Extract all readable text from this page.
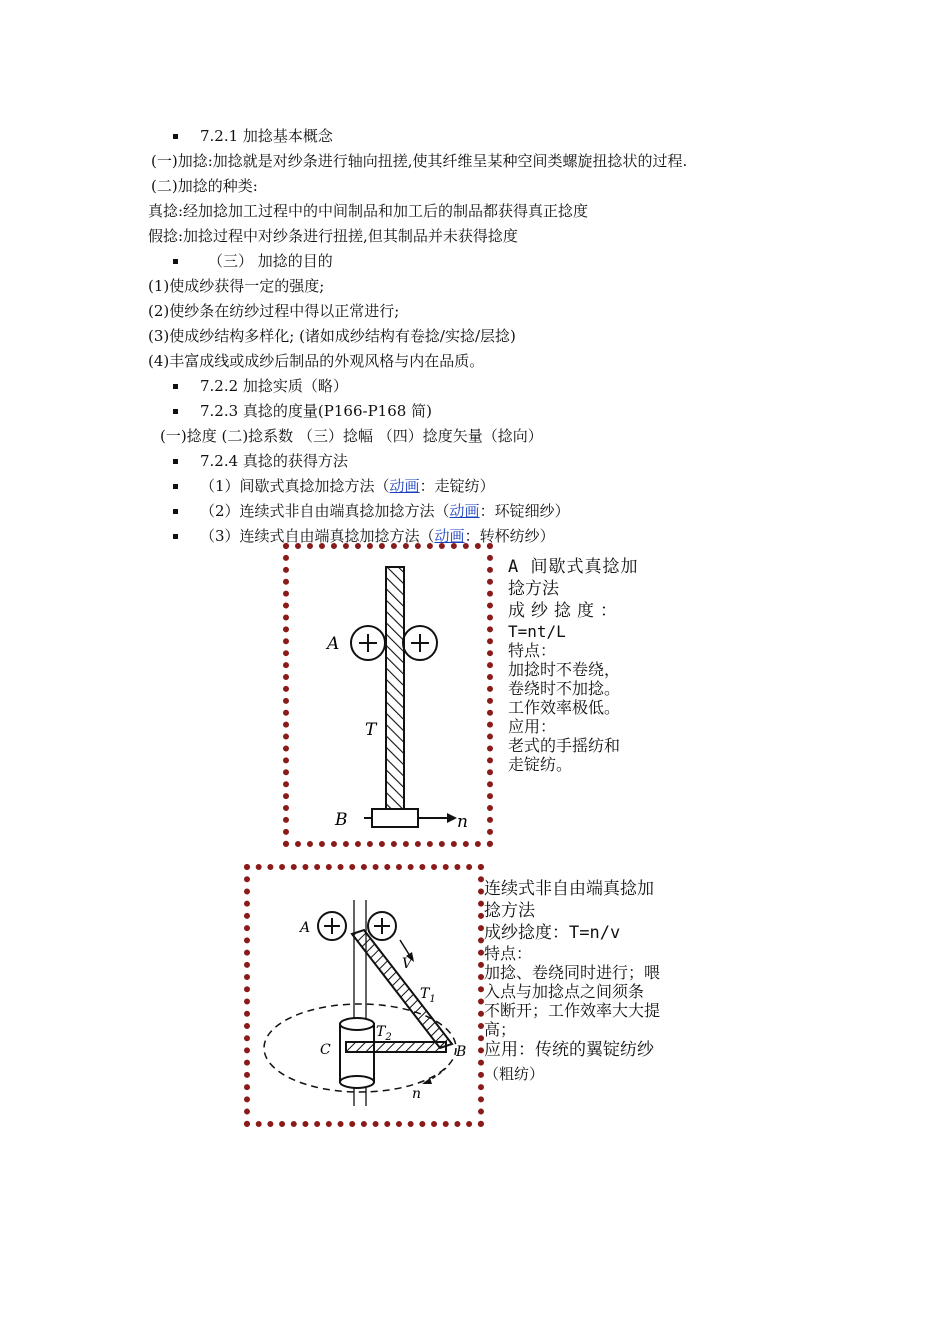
7.2.1 加捻基本概念
(一)加捻:加捻就是对纱条进行轴向扭搓,使其纤维呈某种空间类螺旋扭捻状的过程.
(二)加捻的种类:
真捻:经加捻加工过程中的中间制品和加工后的制品都获得真正捻度
假捻:加捻过程中对纱条进行扭搓,但其制品并未获得捻度
（三） 加捻的目的
(1)使成纱获得一定的强度;
(2)使纱条在纺纱过程中得以正常进行;
(3)使成纱结构多样化; (诸如成纱结构有卷捻/实捻/层捻)
(4)丰富成线或成纱后制品的外观风格与内在品质。
7.2.2 加捻实质（略）
7.2.3 真捻的度量(P166-P168 简)
(一)捻度 (二)捻系数 （三）捻幅 （四）捻度矢量（捻向）
7.2.4 真捻的获得方法
（1）间歇式真捻加捻方法（动画：走锭纺）
（2）连续式非自由端真捻加捻方法（动画：环锭细纱）
（3）连续式自由端真捻加捻方法（动画：转杯纺纱）
A
T
B	n
A 间歇式真捻加
捻方法
成纱捻度：
T=nt/L
特点：
加捻时不卷绕，
卷绕时不加捻。
工作效率极低。
应用：
老式的手摇纺和
走锭纺。
A
V
$T_1$
$T_2$
C	B
n
连续式非自由端真捻加
捻方法
成纱捻度：T=n/v
特点：
加捻、卷绕同时进行；喂
入点与加捻点之间须条
不断开；工作效率大大提
高；
应用：传统的翼锭纺纱
（粗纺）
